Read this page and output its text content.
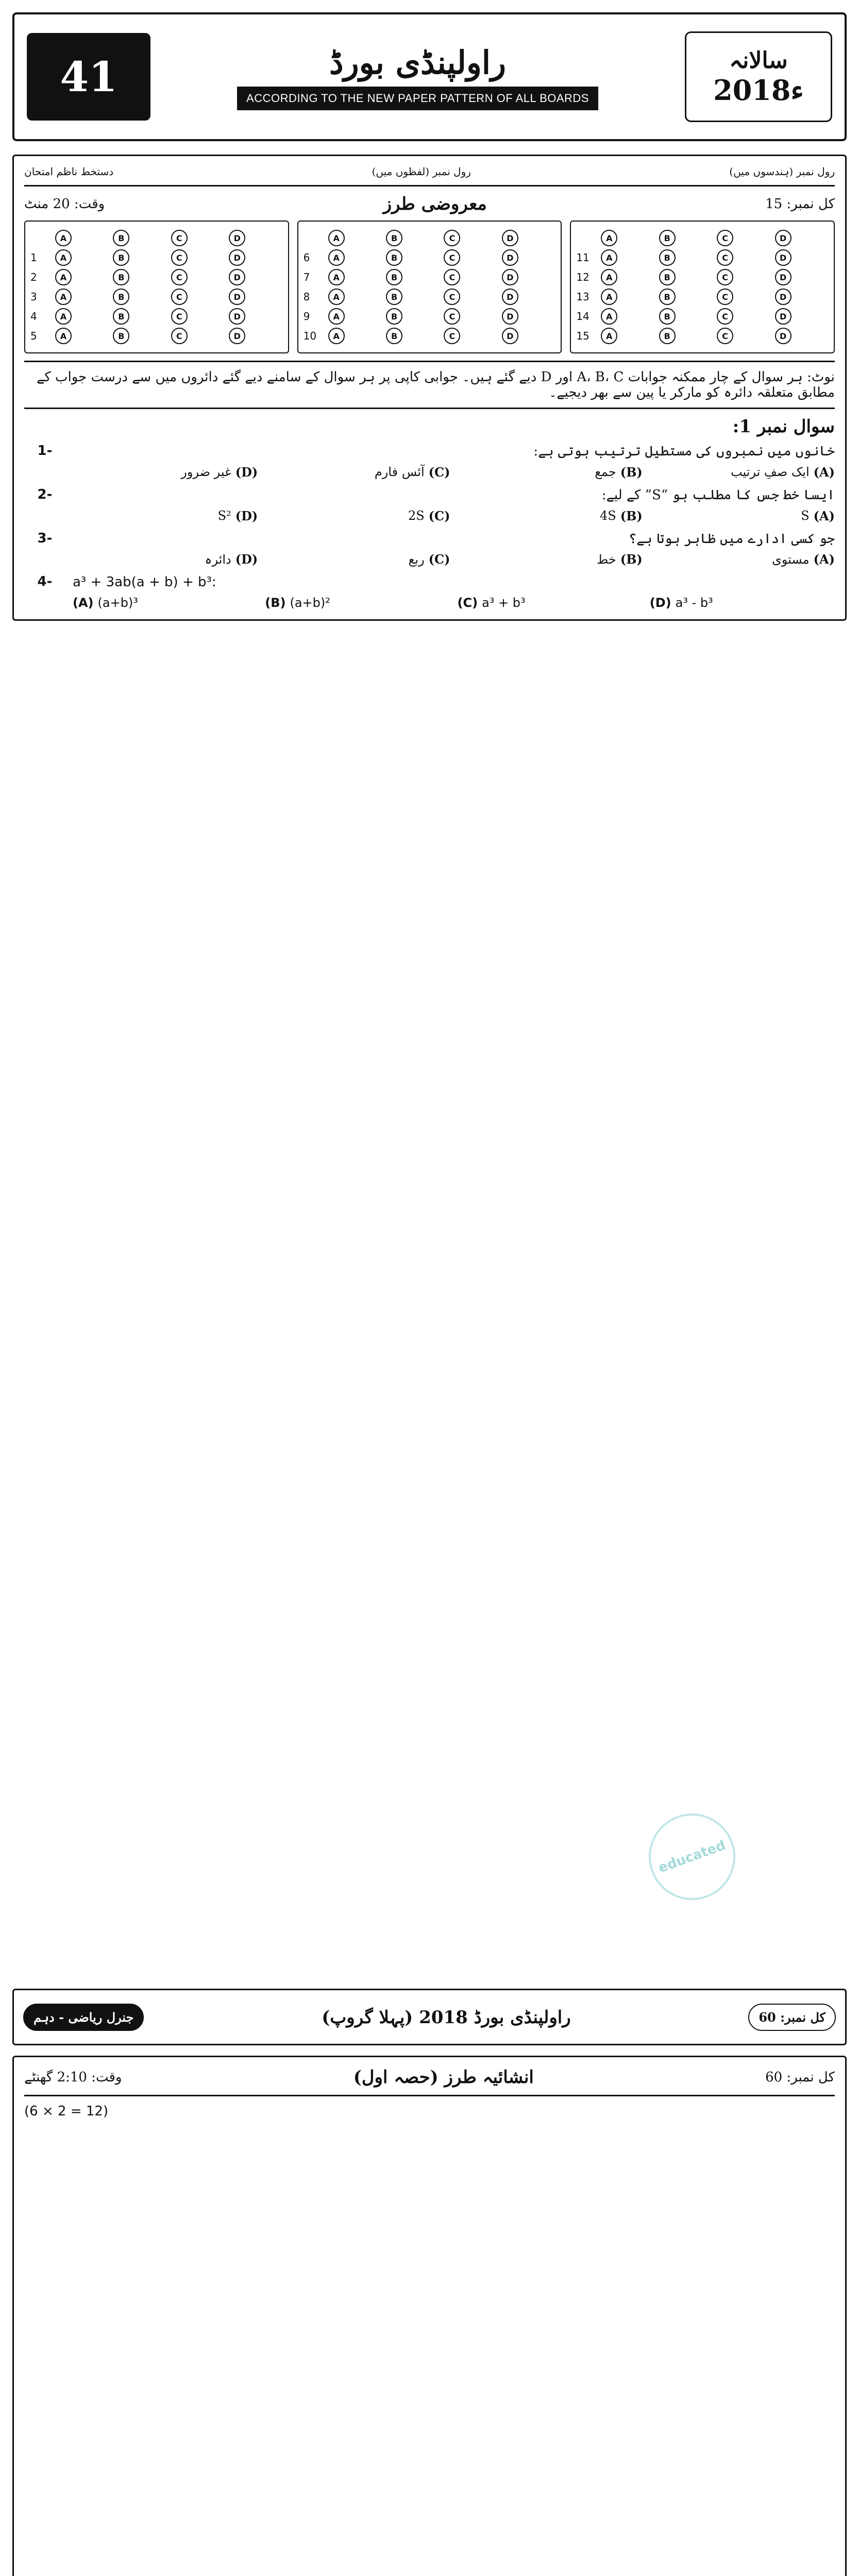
41	راولپنڈی بورڈ
ACCORDING TO THE NEW PAPER PATTERN OF ALL BOARDS
سالانہ
2018ء
رول نمبر (ہندسوں میں)
رول نمبر (لفظوں میں)
دستخط ناظم امتحان
وقت: 20 منٹ	معروضی طرز	کل نمبر: 15
A	B	C	D
1	A	B	C	D
2	A	B	C	D
3	A	B	C	D
4	A	B	C	D
5	A	B	C	D
A	B	C	D
6	A	B	C	D
7	A	B	C	D
8	A	B	C	D
9	A	B	C	D
10	A	B	C	D
A	B	C	D
11	A	B	C	D
12	A	B	C	D
13	A	B	C	D
14	A	B	C	D
15	A	B	C	D
نوٹ: ہر سوال کے چار ممکنہ جوابات A، B، C اور D دیے گئے ہیں۔ جوابی کاپی پر ہر سوال کے سامنے دیے گئے دائروں میں سے درست جواب کے مطابق متعلقہ دائرہ کو مارکر یا پین سے بھر دیجیے۔
سوال نمبر 1:
1-	خانوں میں نمبروں کی مستطیل ترتیب ہوتی ہے:
(A)
ایک صفِ ترتیب
(B)
جمع
(C)
آئس فارم
(D)
غیر ضرور
2-	ایسا خط جس کا مطلب ہو “S” کے لیے:
(A)
S
(B)
4S
(C)
2S
(D)
S²
3-	جو کسی ادارے میں ظاہر ہوتا ہے؟
(A)
مستوی
(B)
خط
(C)
ربع
(D)
دائرہ
4-	a³ + 3ab(a + b) + b³:
(A) (a+b)³	(B) (a+b)²	(C) a³ + b³	(D) a³ - b³
جنرل ریاضی - دہم	راولپنڈی بورڈ 2018 (پہلا گروپ)	کل نمبر: 60
وقت: 2:10 گھنٹے	انشائیہ طرز (حصہ اول)	کل نمبر: 60
(6 × 2 = 12)
educated
